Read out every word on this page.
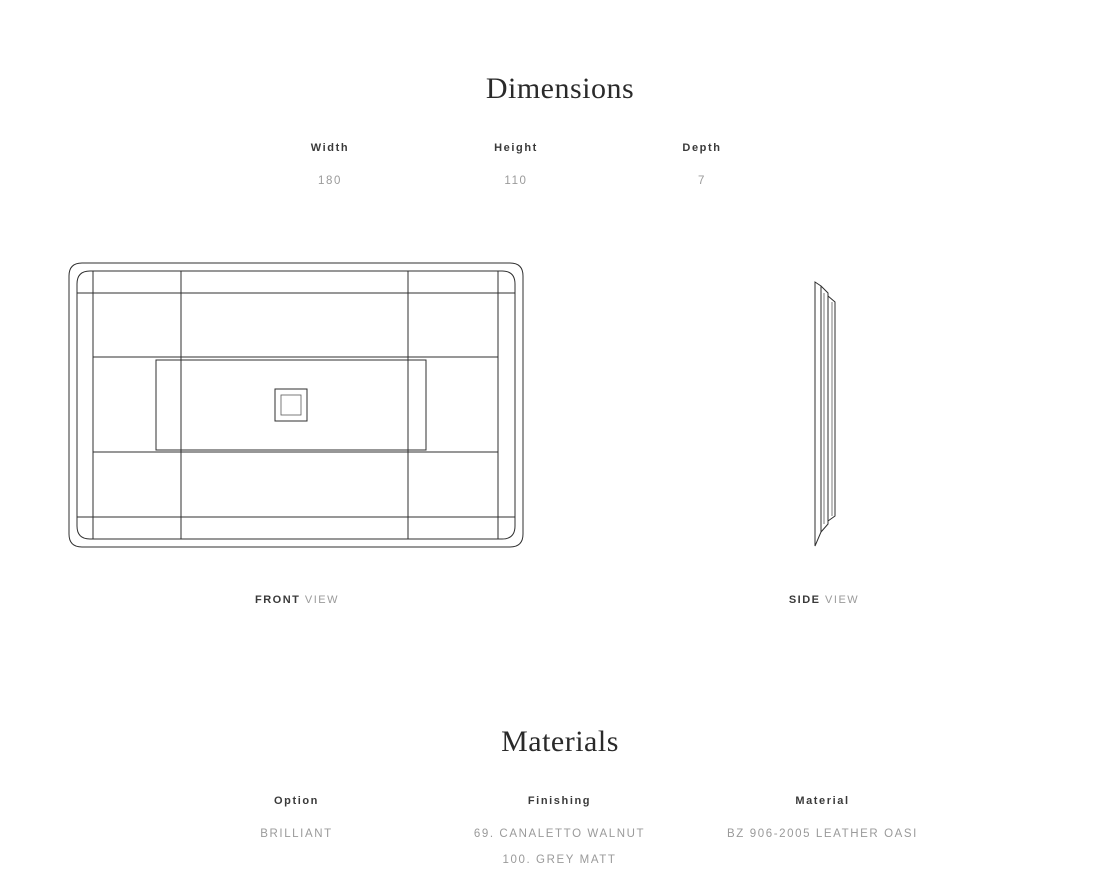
Dimensions
Width
180
Height
110
Depth
7
FRONT VIEW	SIDE VIEW
Materials
Option
BRILLIANT
Finishing
69. CANALETTO WALNUT
100. GREY MATT
Material
BZ 906-2005 LEATHER OASI
